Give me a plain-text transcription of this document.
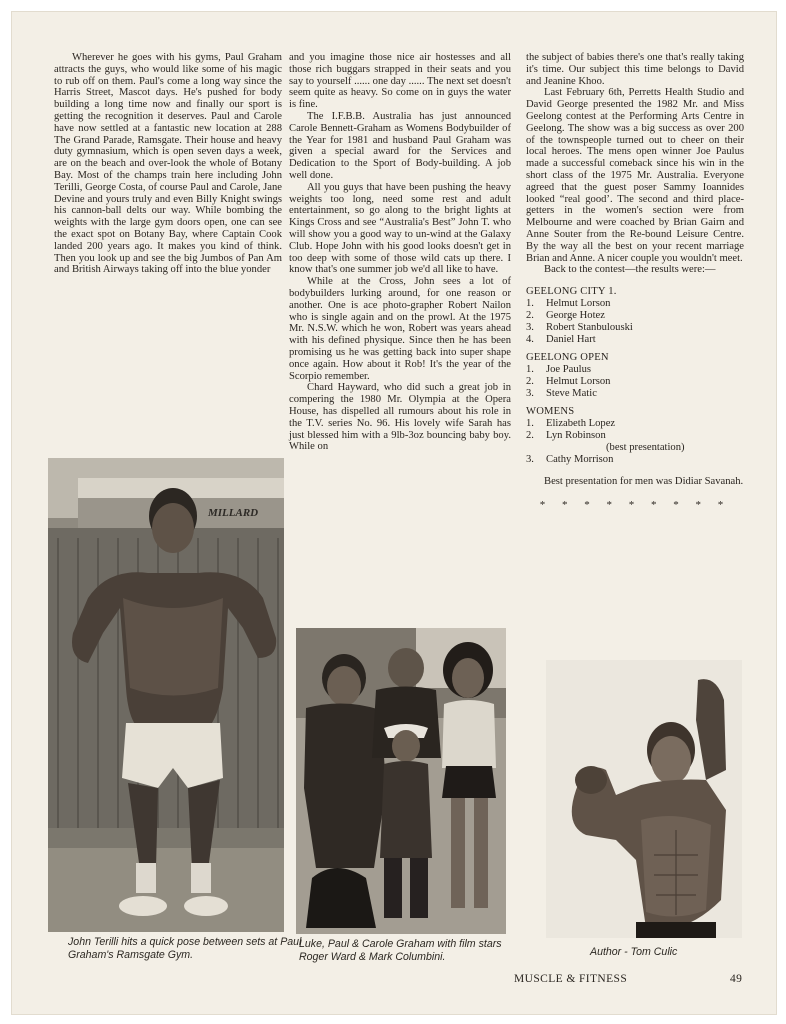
Wherever he goes with his gyms, Paul Graham attracts the guys, who would like some of his magic to rub off on them. Paul's come a long way since the Harris Street, Mascot days. He's pushed for body building a long time now and finally our sport is getting the recognition it deserves. Paul and Carole have now settled at a fantastic new location at 288 The Grand Parade, Ramsgate. Their house and heavy duty gymnasium, which is open seven days a week, are on the beach and over-look the whole of Botany Bay. Most of the champs train here including John Terilli, George Costa, of course Paul and Carole, Jane Devine and yours truly and even Billy Knight swings his cannon-ball delts our way. While bombing the weights with the large gym doors open, one can see the exact spot on Botany Bay, where Captain Cook landed 200 years ago. It makes you kind of think. Then you look up and see the big Jumbos of Pan Am and British Airways taking off into the blue yonder

and you imagine those nice air hostesses and all those rich buggars strapped in their seats and you say to yourself ...... one day ...... The next set doesn't seem quite as heavy. So come on in guys the water is fine.

The I.F.B.B. Australia has just announced Carole Bennett-Graham as Womens Bodybuilder of the Year for 1981 and husband Paul Graham was given a special award for the Services and Dedication to the Sport of Body-building. A job well done.

All you guys that have been pushing the heavy weights too long, need some rest and adult entertainment, so go along to the bright lights at Kings Cross and see “Australia's Best” John T. who will show you a good way to un-wind at the Galaxy Club. Hope John with his good looks doesn't get in too deep with some of those wild cats up there. I know that's one summer job we'd all like to have.

While at the Cross, John sees a lot of bodybuilders lurking around, for one reason or another. One is ace photo-grapher Robert Nailon who is single again and on the prowl. At the 1975 Mr. N.S.W. which he won, Robert was years ahead with his defined physique. Since then he has been promising us he was getting back into super shape once again. How about it Rob! It's the year of the Scorpio remember.

Chard Hayward, who did such a great job in compering the 1980 Mr. Olympia at the Opera House, has dispelled all rumours about his role in the T.V. series No. 96. His lovely wife Sarah has just blessed him with a 9lb-3oz bouncing baby boy. While on

the subject of babies there's one that's really taking it's time. Our subject this time belongs to David and Jeanine Khoo.

Last February 6th, Perretts Health Studio and David George presented the 1982 Mr. and Miss Geelong contest at the Performing Arts Centre in Geelong. The show was a big success as over 200 of the townspeople turned out to cheer on their local heroes. The mens open winner Joe Paulus made a successful comeback since his win in the short class of the 1975 Mr. Australia. Everyone agreed that the guest poser Sammy Ioannides looked “real good’. The second and third place-getters in the women's section were from Melbourne and were coached by Brian Gairn and Anne Souter from the Re-bound Leisure Centre. By the way all the best on your recent marriage Brian and Anne. A nicer couple you wouldn't meet.

Back to the contest—the results were:—

GEELONG CITY 1.
1.	Helmut Lorson
2.	George Hotez
3.	Robert Stanbulouski
4.	Daniel Hart
GEELONG OPEN
1.	Joe Paulus
2.	Helmut Lorson
3.	Steve Matic
WOMENS
1.	Elizabeth Lopez
2.	Lyn Robinson
(best presentation)
3.	Cathy Morrison

Best presentation for men was Didiar Savanah.

* * * * * * * * *
MILLARD
John Terilli hits a quick pose between sets at Paul Graham's Ramsgate Gym.
Luke, Paul & Carole Graham with film stars Roger Ward & Mark Columbini.	Author - Tom Culic
MUSCLE & FITNESS	49
